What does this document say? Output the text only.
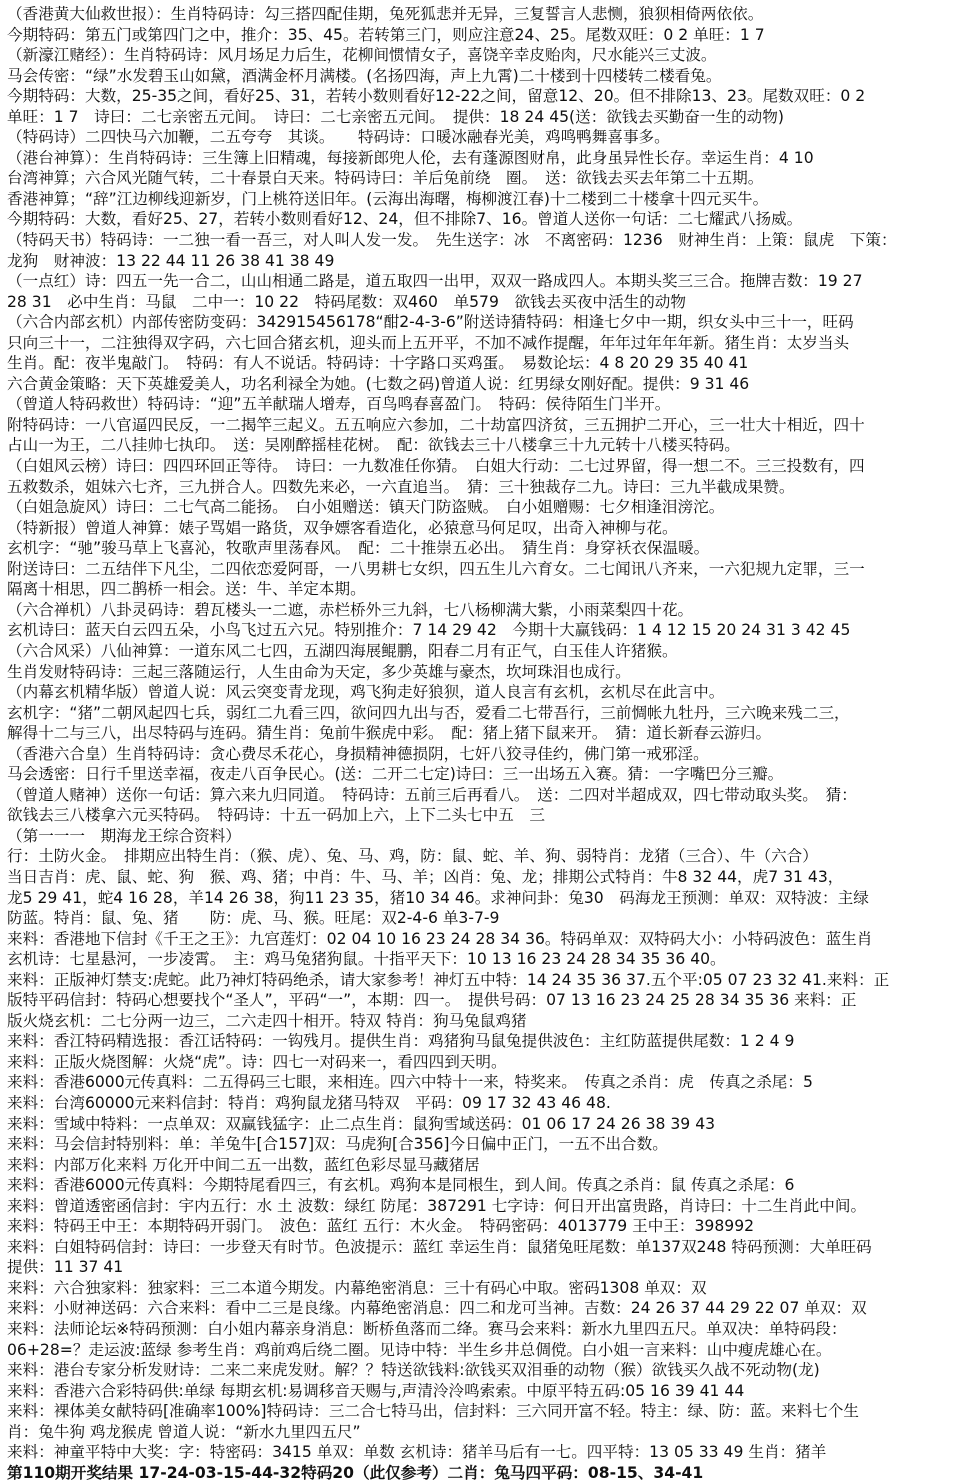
（香港黄大仙救世报）：生肖特码诗：勾三搭四配佳期，兔死狐悲并无异，三复誓言人悲恻，狼狈相倚两依依。
今期特码：第五门或第四门之中，推介：35、45。若转第三门，则应注意24、25。尾数双旺：0 2 单旺：1 7
（新濠江赌经）：生肖特码诗：风月场足力后生，花柳间惯情女子，喜饶辛幸皮贻肉，尺水能兴三丈波。
马会传密：“绿”水发碧玉山如黛，酒满金杯月满楼。(名扬四海，声上九霄)二十楼到十四楼转二楼看兔。
今期特码：大数，25-35之间，看好25、31，若转小数则看好12-22之间，留意12、20。但不排除13、23。尾数双旺：0 2
单旺：1 7　诗曰：二七亲密五元间。　诗曰：二七亲密五元间。　提供：18 24 45(送：欲钱去买勤奋一生的动物)
（特码诗）二四快马六加鞭，二五夸夸　其谈。　　特码诗：口暖冰融春光美，鸡鸣鸭舞喜事多。
（港台神算）：生肖特码诗：三生簿上旧精魂，每接新郎兜人伦，去有蓬源图财帛，此身虽异性长存。幸运生肖：4 10
台湾神算；六合风光随气转，二十春景白天来。特码诗曰：羊后兔前绕　圈。　送：欲钱去买去年第二十五期。
香港神算；“辞”江边柳线迎新岁，门上桃符送旧年。(云海出海曙，梅柳渡江春)十二楼到二十楼拿十四元买牛。
今期特码：大数，看好25、27，若转小数则看好12、24，但不排除7、16。曾道人送你一句话：二七耀武八扬威。
（特码天书）特码诗：一二独一看一吾三，对人叫人发一发。　先生送字：冰　不离密码：1236　财神生肖：上策：鼠虎　下策：
龙狗　财神波：13 22 44 11 26 38 41 38 49
（一点红）诗：四五一先一合二，山山相通二路是，道五取四一出甲，双双一路成四人。本期头奖三三合。拖牌吉数：19 27
28 31　必中生肖：马鼠　二中一：10 22　特码尾数：双460　单579　欲钱去买夜中活生的动物
（六合内部玄机）内部传密防变码：342915456178“酣2-4-3-6”附送诗猜特码：相逢七夕中一期，织女头中三十一，旺码
只向三十一，二注独得双字码，六七回合猪玄机，迎头而上五开平，不加不减作提醒，年年过年年年新。猪生肖：太岁当头
生肖。配：夜半鬼敲门。　特码：有人不说话。特码诗：十字路口买鸡蛋。　易数论坛：4 8 20 29 35 40 41
六合黄金策略：天下英雄爱美人，功名利禄全为她。(七数之码)曾道人说：红男绿女刚好配。提供：9 31 46
（曾道人特码救世）特码诗：“迎”五羊献瑞人增寿，百鸟鸣春喜盈门。　特码：侯待陌生门半开。
附特码诗：一八官逼四民反，一二揭竿三起义。五五响应六参加，二十劫富四济贫，三五拥护二开心，三一壮大十相近，四十
占山一为王，二八挂帅七执印。　送：吴刚醉摇桂花树。　配：欲钱去三十八楼拿三十九元转十八楼买特码。
（白姐风云榜）诗曰：四四环回正等待。　诗曰：一九数准任你猜。　白姐大行动：二七过界留，得一想二不。三三投数有，四
五救数杀，姐妹六七齐，三九拼合人。四数先来必，一六直追当。　猜：三十独裁存二九。诗曰：三九半截成果赞。
（白姐急旋风）诗曰：二七气高二能扬。　白小姐赠送：镇天门防盗贼。　白小姐赠赐：七夕相逢泪滂沱。
（特新报）曾道人神算：婊子骂娼一路货，双争嫖客看造化，必猿意马何足叹，出奇入神柳与花。
玄机字：“驰”骏马草上飞喜沁，牧歌声里荡春风。　配：二十推崇五必出。　猜生肖：身穿袄衣保温暖。
附送诗曰：二五结伴下凡尘，二四依恋爱阿哥，一八男耕七女织，四五生儿六育女。二七闻讯八齐来，一六犯规九定罪，三一
隔离十相思，四二鹊桥一相会。送：牛、羊定本期。
（六合禅机）八卦灵码诗：碧瓦楼头一二遮，赤栏桥外三九斜，七八杨柳满大紫，小雨菜梨四十花。
玄机诗曰：蓝天白云四五朵，小鸟飞过五六兄。特别推介：7 14 29 42　今期十大赢钱码：1 4 12 15 20 24 31 3 42 45
（六合风采）八仙神算：一道东风二七四，五湖四海展鲲鹏，阳春二月有正气，白玉佳人许猪猴。
生肖发财特码诗：三起三落随运行，人生由命为天定，多少英雄与豪杰，坎坷珠泪也成行。
（内幕玄机精华版）曾道人说：风云突变青龙现，鸡飞狗走好狼狈，道人良言有玄机，玄机尽在此言中。
玄机字：“猪”二朝风起四七兵，弱红二九看三四，欲问四九出与否，爱看二七带吾行，三前惆帐九牡丹，三六晚来残二三，
解得十二与三八，出尽特码与连码。猜生肖：兔前牛猴虎中彩。　配：猪上猪下鼠来开。　猜：道长新春云游归。
（香港六合皇）生肖特码诗：贪心费尽禾花心，身损精神德损阴，七奸八狡寻佳约，佛门第一戒邪淫。
马会透密：日行千里送幸福，夜走八百争民心。(送：二开二七定)诗曰：三一出场五入赛。猜：一字嘴巴分三瓣。
（曾道人赌神）送你一句话：算六来九归同道。　特码诗：五前三后再看八。　送：二四对半超成双，四七带动取头奖。　猜：
欲钱去三八楼拿六元买特码。　特码诗：十五一码加上六，上下二头七中五　三
（第一一一　期海龙王综合资料）
行：土防火金。　排期应出特生肖：（猴、虎）、兔、马、鸡，防：鼠、蛇、羊、狗、弱特肖：龙猪（三合）、牛（六合）
当日吉肖：虎、鼠、蛇、狗　猴、鸡、猪；中肖：牛、马、羊；凶肖：兔、龙；排期公式特肖：牛8 32 44，虎7 31 43，
龙5 29 41，蛇4 16 28，羊14 26 38，狗11 23 35，猪10 34 46。求神问卦：兔30　码海龙王预测：单双：双特波：主绿
防蓝。特肖：鼠、兔、猪　　防：虎、马、猴。旺尾：双2-4-6 单3-7-9
来料：香港地下信封《千王之王》：九宫莲灯：02 04 10 16 23 24 28 34 36。特码单双：双特码大小：小特码波色：蓝生肖
玄机诗：七星悬河，一步凌霄。　主：鸡马兔猪狗鼠。十指平天下：10 13 16 23 24 28 34 35 36 40。
来料：正版神灯禁支:虎蛇。此乃神灯特码绝杀，请大家参考！神灯五中特：14 24 35 36 37.五个平:05 07 23 32 41.来料：正
版特平码信封：特码心想要找个“圣人”，平码“一”，本期：四一。　提供号码：07 13 16 23 24 25 28 34 35 36 来料：正
版火烧玄机：二七分两一边三，二六走四十相开。特双 特肖：狗马兔鼠鸡猪
来料：香江特码精选报：香江话特码：一钩残月。提供生肖：鸡猪狗马鼠兔提供波色：主红防蓝提供尾数：1 2 4 9
来料：正版火烧图解：火烧“虎”。诗：四七一对码来一，看四四到天明。
来料：香港6000元传真料：二五得码三七眼，来相连。四六中特十一来，特奖来。　传真之杀肖：虎　传真之杀尾：5
来料：台湾60000元来料信封：特肖：鸡狗鼠龙猪马特双　平码：09 17 32 43 46 48.
来料：雪域中特料：一点单双：双赢钱猛字：止二点生肖：鼠狗雪域送码：01 06 17 24 26 38 39 43
来料：马会信封特别料：单：羊兔牛[合157]双：马虎狗[合356]今日偏中正门，一五不出合数。
来料：内部万化来料 万化开中间二五一出数，蓝红色彩尽显马藏猪居
来料：香港6000元传真料：今期特尾看四三，有玄机。鸡狗本是同根生，到人间。传真之杀肖：鼠 传真之杀尾：6
来料：曾道透密函信封：宇内五行：水 土 波数：绿红 防尾：387291 七字诗：何日开出富贵路，肖诗曰：十二生肖此中间。
来料：特码王中王：本期特码开弱门。　波色：蓝红 五行：木火金。　特码密码：4013779 王中王：398992
来料：白姐特码信封：诗曰：一步登天有时节。色波提示：蓝红 幸运生肖：鼠猪兔旺尾数：单137双248 特码预测：大单旺码
提供：11 37 41
来料：六合独家料：独家料：三二本道今期发。内幕绝密消息：三十有码心中取。密码1308 单双：双
来料：小财神送码：六合来料：看中二三是良缘。内幕绝密消息：四二和龙可当神。吉数：24 26 37 44 29 22 07 单双：双
来料：法师论坛※特码预测：白小姐内幕亲身消息：断桥鱼落而二绛。赛马会来料：新水九里四五尺。单双决：单特码段：
06+28=？走运波:蓝绿 参考生肖：鸡前鸡后绕二圈。见诗中特：半生乡井总倜傥。白小姐一言来料：山中瘦虎雄心在。
来料：港台专家分析发财诗：二来二来虎发财。解？？特送欲钱料:欲钱买双泪垂的动物（猴）欲钱买久战不死动物(龙)
来料：香港六合彩特码供:单绿 每期玄机:易调移音天赐与,声清泠泠鸣索索。中原平特五码:05 16 39 41 44
来料：裸体美女献特码[准确率100%]特码诗：三二合七特马出，信封料：三六同开富不轻。特主：绿、防：蓝。来料七个生
肖：兔牛狗 鸡龙猴虎 曾道人说：“新水九里四五尺”
来料：神童平特中大奖：字：特密码：3415 单双：单数 玄机诗：猪羊马后有一七。四平特：13 05 33 49 生肖：猪羊
第110期开奖结果 17-24-03-15-44-32特码20（此仅参考）二肖：兔马四平码：08-15、34-41
